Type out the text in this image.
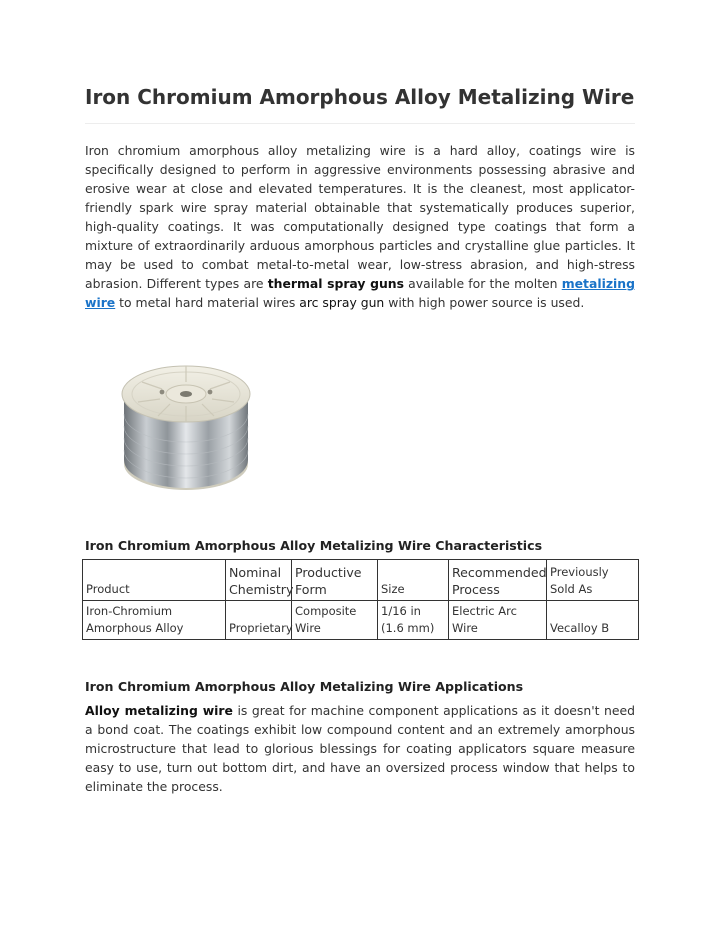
Iron Chromium Amorphous Alloy Metalizing Wire

Iron chromium amorphous alloy metalizing wire is a hard alloy, coatings wire is specifically designed to perform in aggressive environments possessing abrasive and erosive wear at close and elevated temperatures. It is the cleanest, most applicator-friendly spark wire spray material obtainable that systematically produces superior, high-quality coatings. It was computationally designed type coatings that form a mixture of extraordinarily arduous amorphous particles and crystalline glue particles. It may be used to combat metal-to-metal wear, low-stress abrasion, and high-stress abrasion. Different types are thermal spray guns available for the molten metalizing wire to metal hard material wires arc spray gun with high power source is used.

Iron Chromium Amorphous Alloy Metalizing Wire Characteristics
Product	Nominal Chemistry	Productive Form	Size	Recommended Process	Previously Sold As
Iron-Chromium Amorphous Alloy	Proprietary	Composite Wire	1/16 in (1.6 mm)	Electric Arc Wire	Vecalloy B
Iron Chromium Amorphous Alloy Metalizing Wire Applications

Alloy metalizing wire is great for machine component applications as it doesn't need a bond coat. The coatings exhibit low compound content and an extremely amorphous microstructure that lead to glorious blessings for coating applicators square measure easy to use, turn out bottom dirt, and have an oversized process window that helps to eliminate the process.
